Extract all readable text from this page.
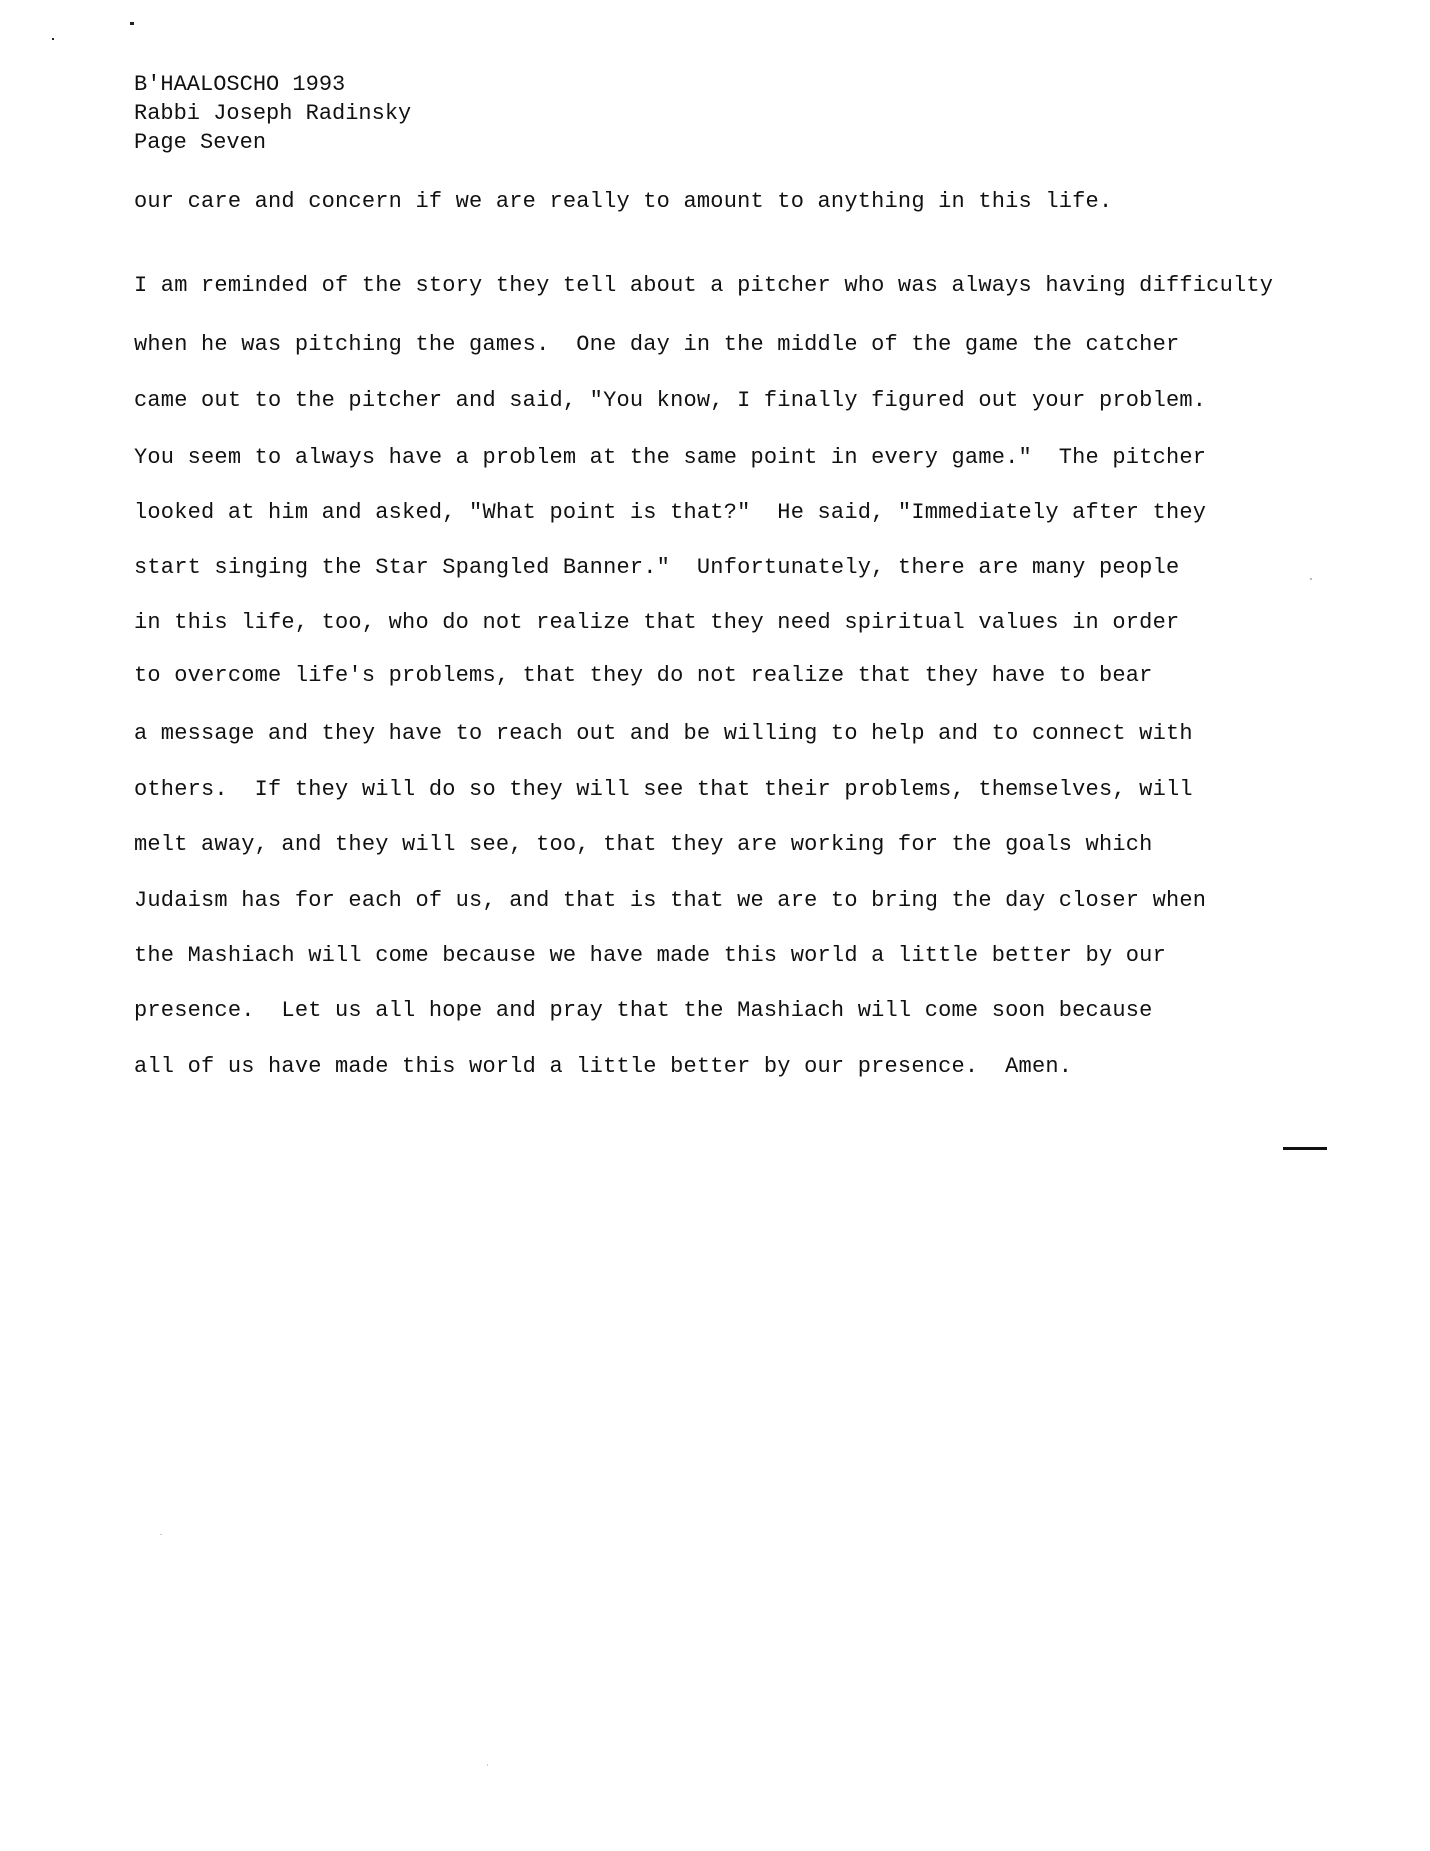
B'HAALOSCHO 1993
Rabbi Joseph Radinsky
Page Seven
our care and concern if we are really to amount to anything in this life.
I am reminded of the story they tell about a pitcher who was always having difficulty
when he was pitching the games.  One day in the middle of the game the catcher
came out to the pitcher and said, "You know, I finally figured out your problem.
You seem to always have a problem at the same point in every game."  The pitcher
looked at him and asked, "What point is that?"  He said, "Immediately after they
start singing the Star Spangled Banner."  Unfortunately, there are many people
in this life, too, who do not realize that they need spiritual values in order
to overcome life's problems, that they do not realize that they have to bear
a message and they have to reach out and be willing to help and to connect with
others.  If they will do so they will see that their problems, themselves, will
melt away, and they will see, too, that they are working for the goals which
Judaism has for each of us, and that is that we are to bring the day closer when
the Mashiach will come because we have made this world a little better by our
presence.  Let us all hope and pray that the Mashiach will come soon because
all of us have made this world a little better by our presence.  Amen.
